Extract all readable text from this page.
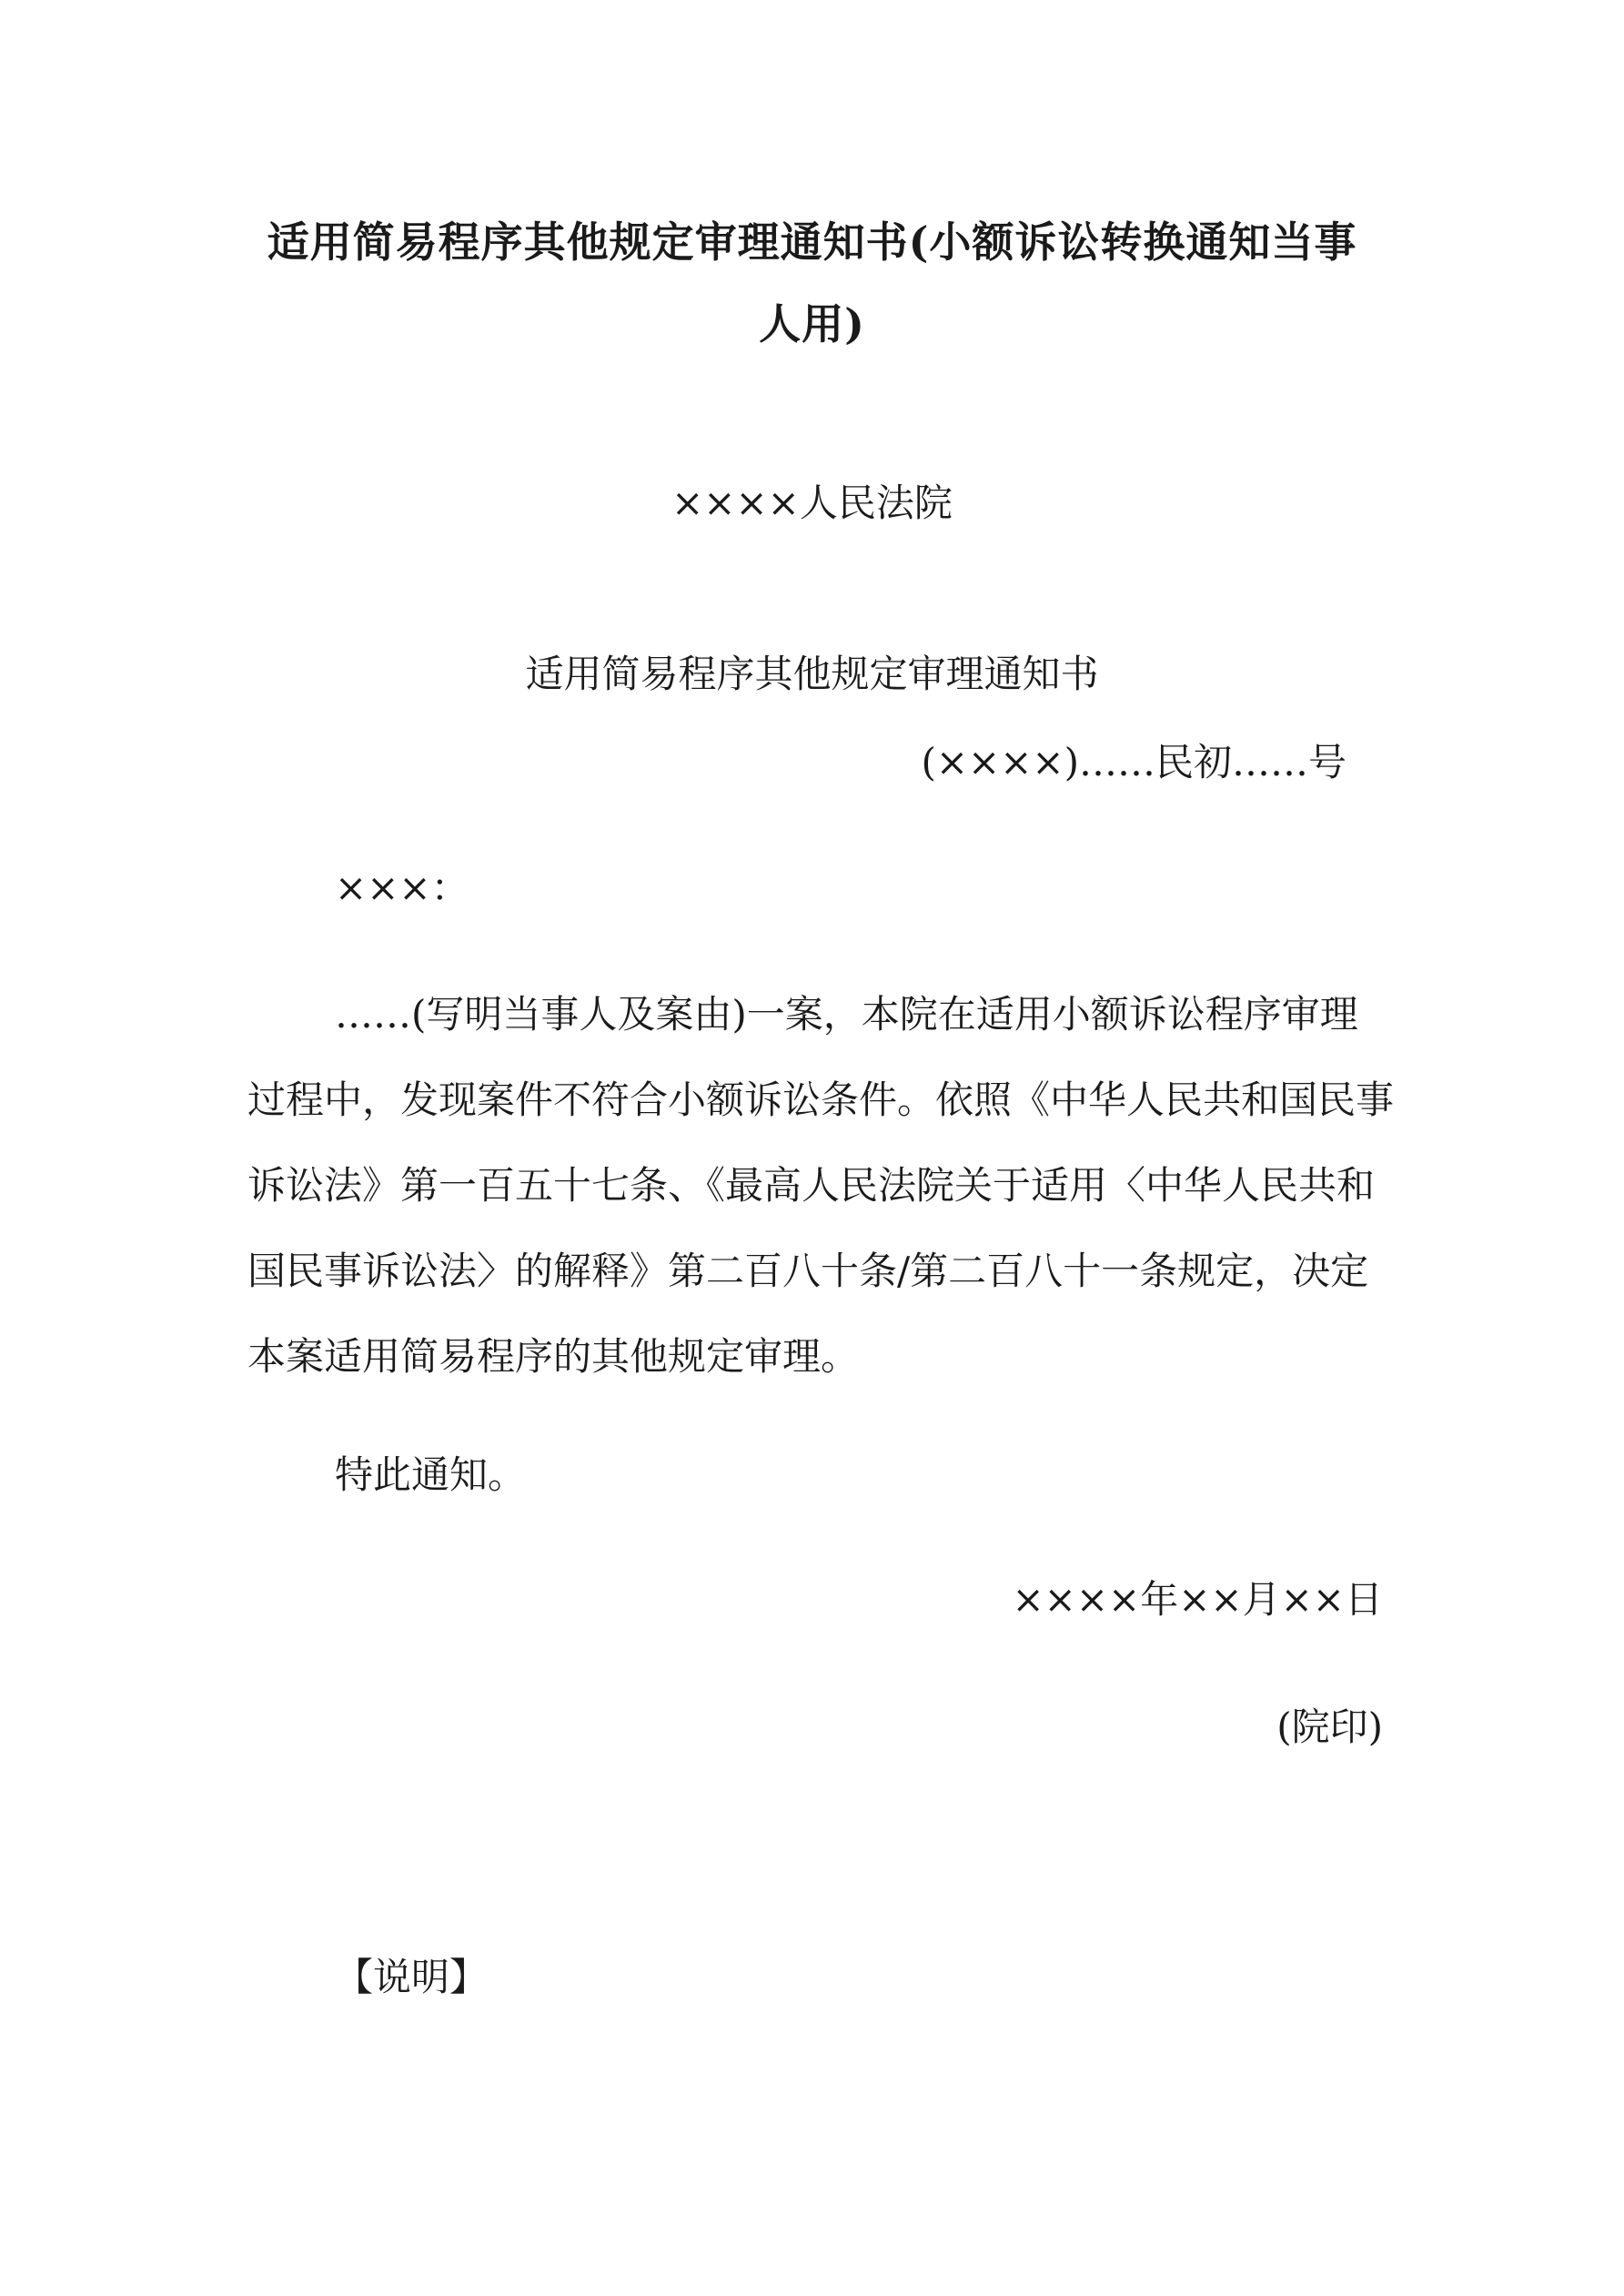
适用简易程序其他规定审理通知书(小额诉讼转换通知当事
人用)
××××人民法院
适用简易程序其他规定审理通知书
(××××)……民初……号
×××：
……(写明当事人及案由)一案，本院在适用小额诉讼程序审理
过程中，发现案件不符合小额诉讼条件。依照《中华人民共和国民事
诉讼法》第一百五十七条、《最高人民法院关于适用〈中华人民共和
国民事诉讼法〉的解释》第二百八十条/第二百八十一条规定，决定
本案适用简易程序的其他规定审理。
特此通知。
××××年××月××日
(院印)
【说明】
